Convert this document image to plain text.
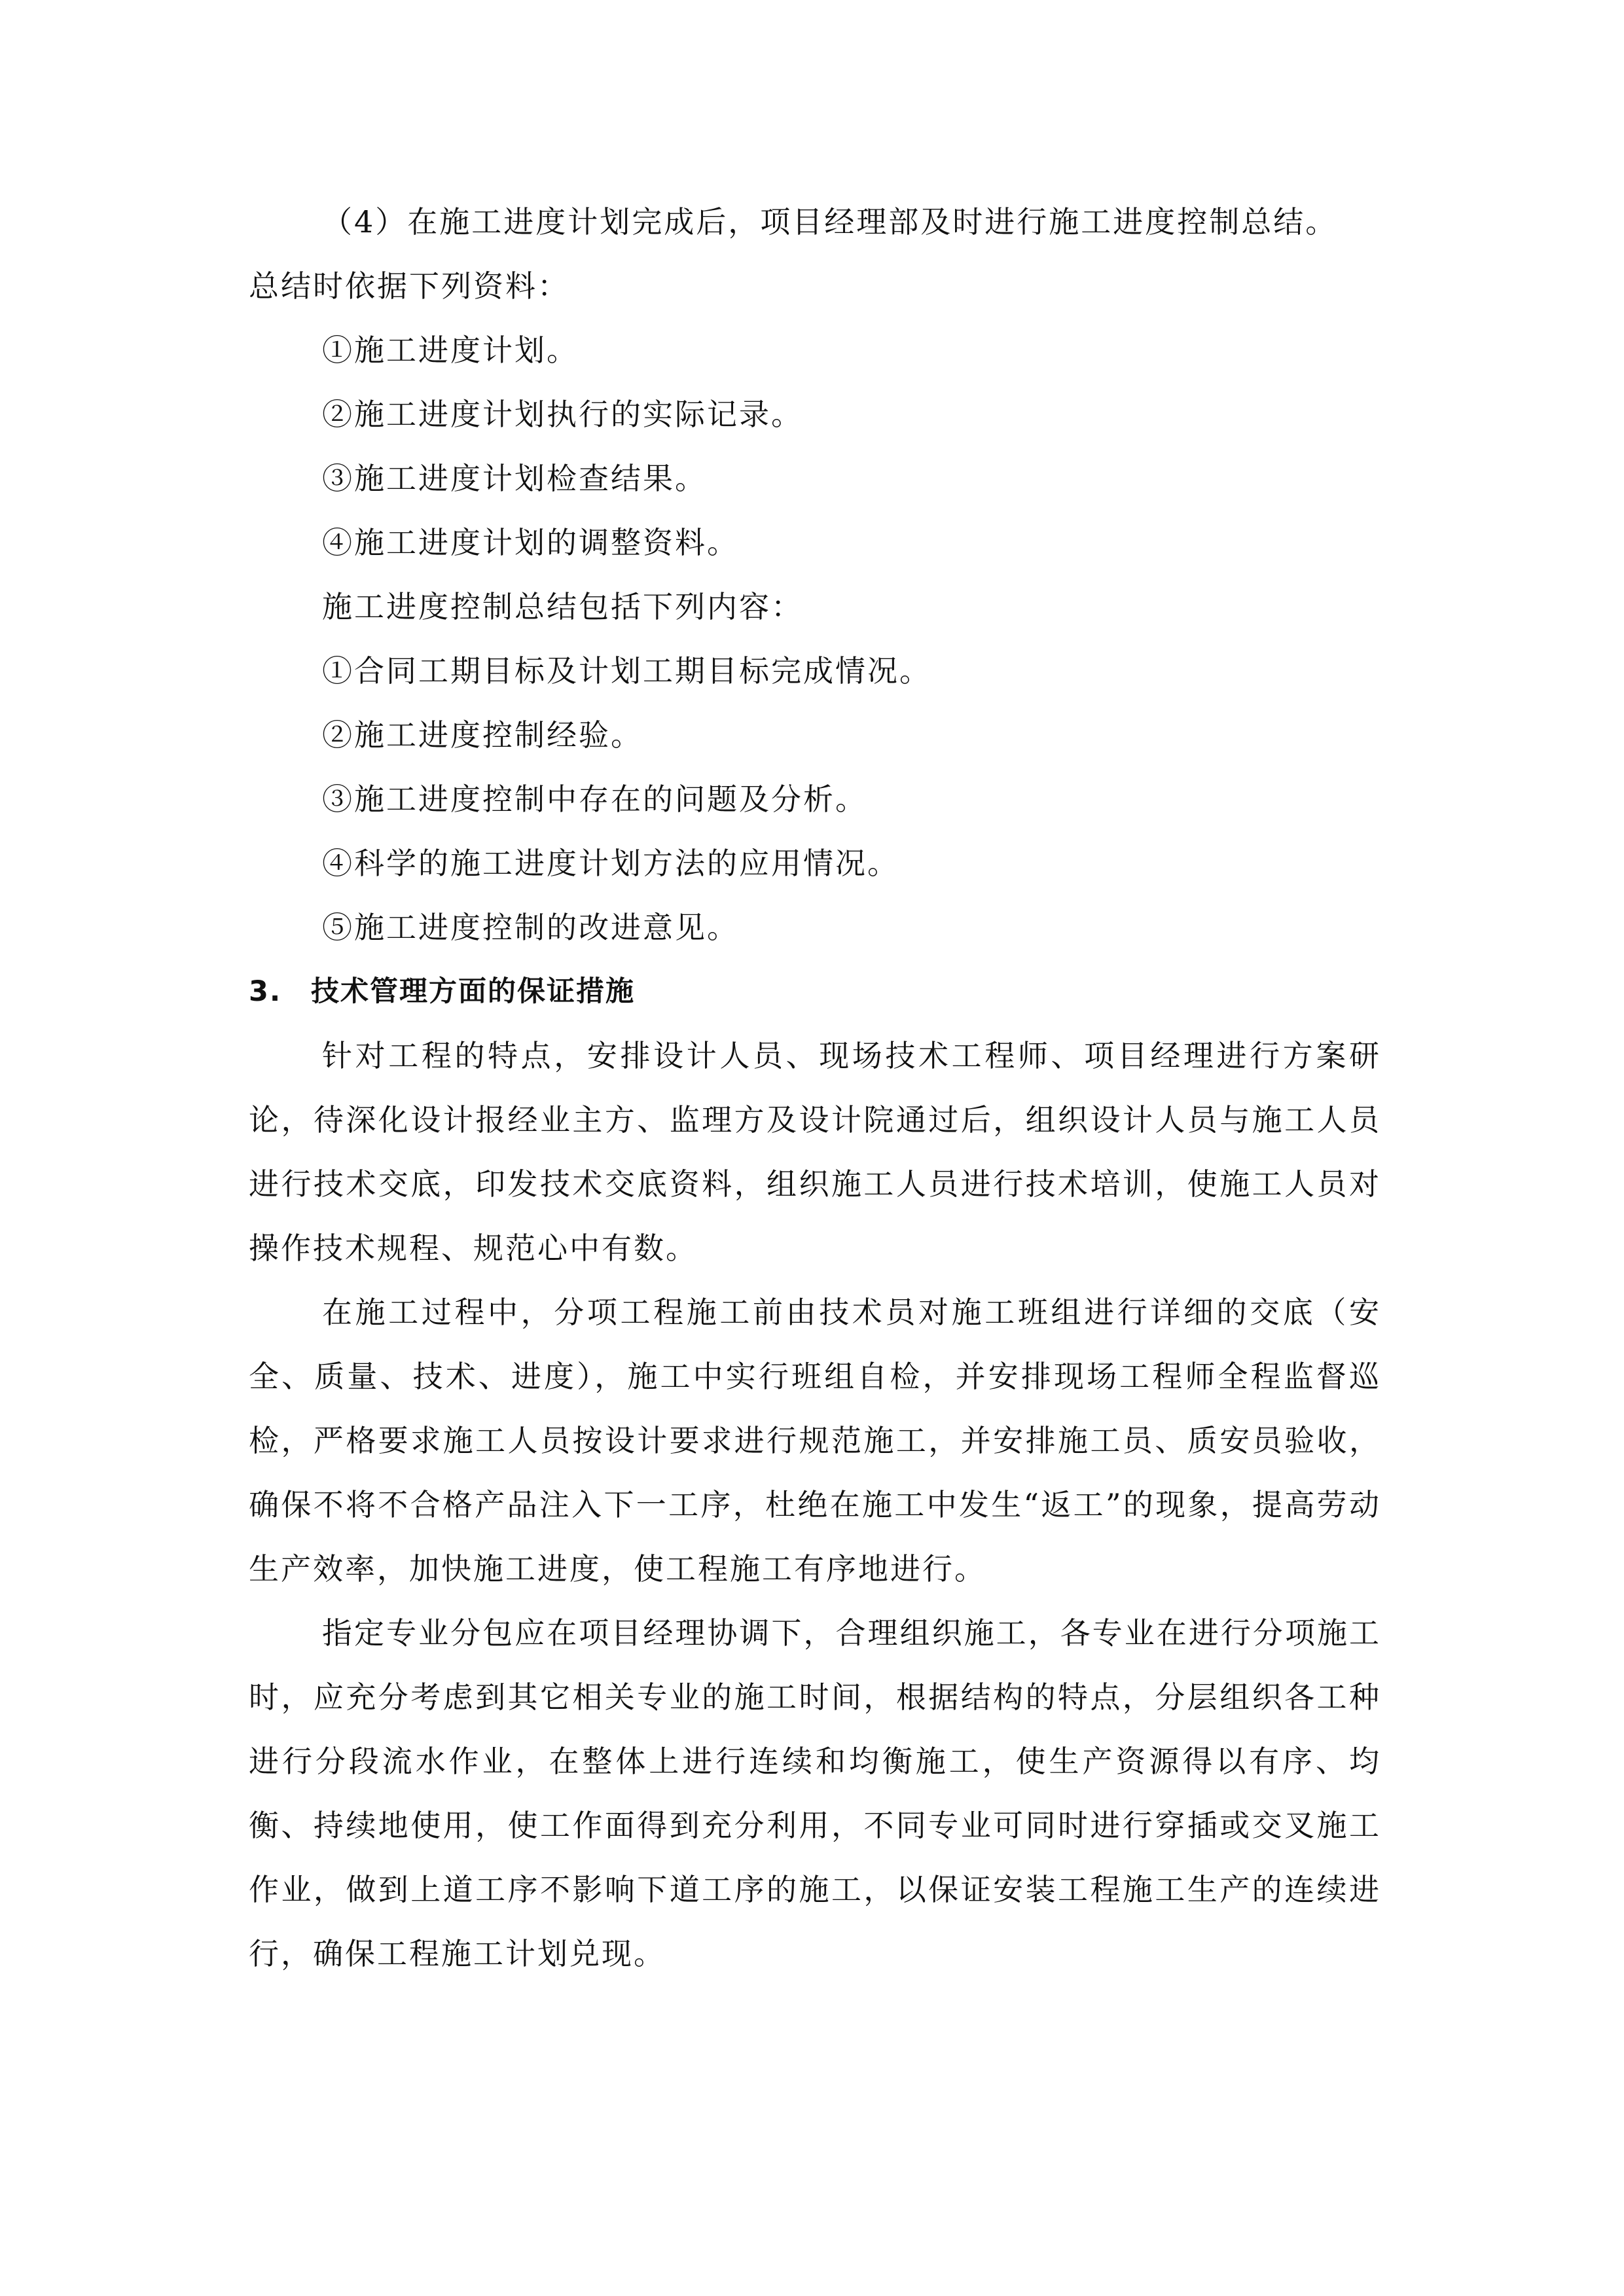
（4）在施工进度计划完成后，项目经理部及时进行施工进度控制总结。
总结时依据下列资料：
①施工进度计划。
②施工进度计划执行的实际记录。
③施工进度计划检查结果。
④施工进度计划的调整资料。
施工进度控制总结包括下列内容：
①合同工期目标及计划工期目标完成情况。
②施工进度控制经验。
③施工进度控制中存在的问题及分析。
④科学的施工进度计划方法的应用情况。
⑤施工进度控制的改进意见。
3. 技术管理方面的保证措施

针对工程的特点，安排设计人员、现场技术工程师、项目经理进行方案研论，待深化设计报经业主方、监理方及设计院通过后，组织设计人员与施工人员进行技术交底，印发技术交底资料，组织施工人员进行技术培训，使施工人员对操作技术规程、规范心中有数。

在施工过程中，分项工程施工前由技术员对施工班组进行详细的交底（安全、质量、技术、进度），施工中实行班组自检，并安排现场工程师全程监督巡检，严格要求施工人员按设计要求进行规范施工，并安排施工员、质安员验收，确保不将不合格产品注入下一工序，杜绝在施工中发生“返工”的现象，提高劳动生产效率，加快施工进度，使工程施工有序地进行。

指定专业分包应在项目经理协调下，合理组织施工，各专业在进行分项施工时，应充分考虑到其它相关专业的施工时间，根据结构的特点，分层组织各工种进行分段流水作业，在整体上进行连续和均衡施工，使生产资源得以有序、均衡、持续地使用，使工作面得到充分利用，不同专业可同时进行穿插或交叉施工作业，做到上道工序不影响下道工序的施工，以保证安装工程施工生产的连续进行，确保工程施工计划兑现。
